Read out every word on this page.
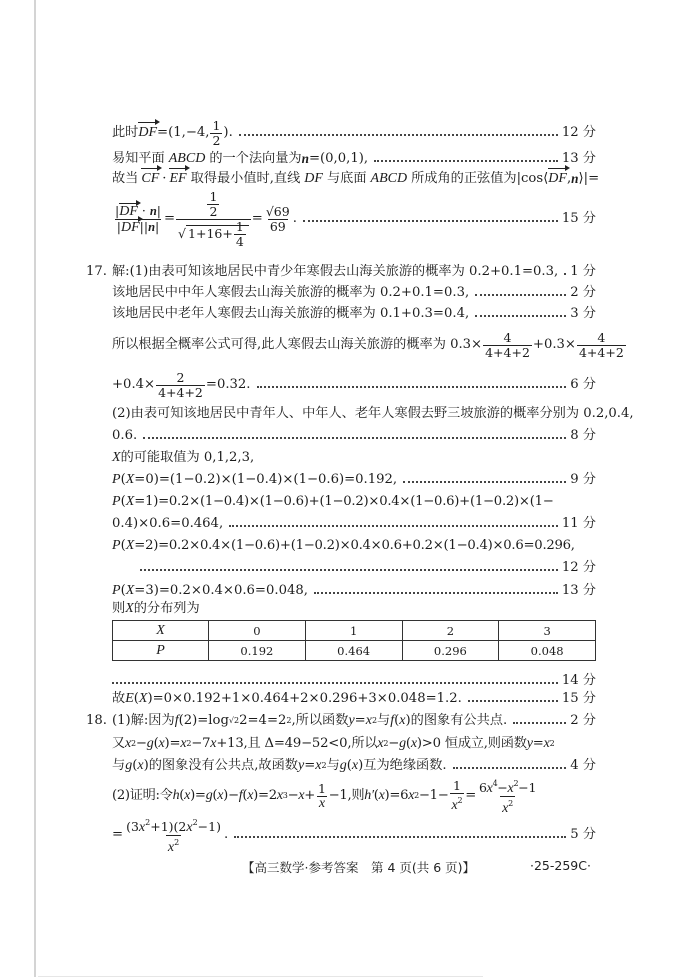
此时 DF =(1,−4, $\frac{1}{2}$ ).	12 分
易知平面 ABCD 的一个法向量为 n =(0,0,1),	13 分
故当 CF · EF 取得最小值时,直线 DF 与底面 ABCD 所成角的正弦值为|cos⟨ DF , n ⟩|=
$\frac{|DF \cdot n|}{|DF||n|} = \frac{\frac{1}{2}}{√ 1+16+ \frac{1}{4}} = \frac{√69}{69}$ .	15 分
17. 解:(1)由表可知该地居民中青少年寒假去山海关旅游的概率为 0.2+0.1=0.3, 1 分
该地居民中中年人寒假去山海关旅游的概率为 0.2+0.1=0.3,	2 分
该地居民中老年人寒假去山海关旅游的概率为 0.1+0.3=0.4,	3 分
所以根据全概率公式可得,此人寒假去山海关旅游的概率为 $0.3\times \frac{4}{4+4+2} +0.3\times \frac{4}{4+4+2}$
$+0.4\times \frac{2}{4+4+2} =0.32$.	6 分
(2)由表可知该地居民中青年人、中年人、老年人寒假去野三坡旅游的概率分别为 0.2,0.4,
0.6.	8 分
X 的可能取值为 0,1,2,3,
P ( X =0)=(1−0.2)×(1−0.4)×(1−0.6)=0.192,	9 分
P ( X =1)=0.2×(1−0.4)×(1−0.6)+(1−0.2)×0.4×(1−0.6)+(1−0.2)×(1−
0.4)×0.6=0.464,	11 分
P ( X =2)=0.2×0.4×(1−0.6)+(1−0.2)×0.4×0.6+0.2×(1−0.4)×0.6=0.296,
12 分
P ( X =3)=0.2×0.4×0.6=0.048,	13 分
则 X 的分布列为
X	0	1	2	3
P	0.192	0.464	0.296	0.048
14 分
故 E ( X )=0×0.192+1×0.464+2×0.296+3×0.048=1.2.	15 分
18. (1)解:因为 f (2)=log √2 2=4=2 2 ,所以函数 y = x 2 与 f ( x )的图象有公共点.	2 分
又 x 2 − g ( x )= x 2 −7 x +13,且 Δ=49−52<0,所以 x 2 − g ( x )>0 恒成立,则函数 y = x 2
与 g ( x )的图象没有公共点,故函数 y = x 2 与 g ( x )互为绝缘函数.	4 分
(2)证明:令 h ( x )= g ( x )− f ( x )=2 x $3 - x + \frac{1}{x} -1$,则 h′ ( x )=6 x $2 -1- \frac{1}{x^2} = \frac{6x^4-x^2-1}{x^2}$
= $\frac{(3x^2+1)(2x^2-1)}{x^2}$ .	5 分
【高三数学·参考答案　第 4 页(共 6 页)】	·25-259C·
